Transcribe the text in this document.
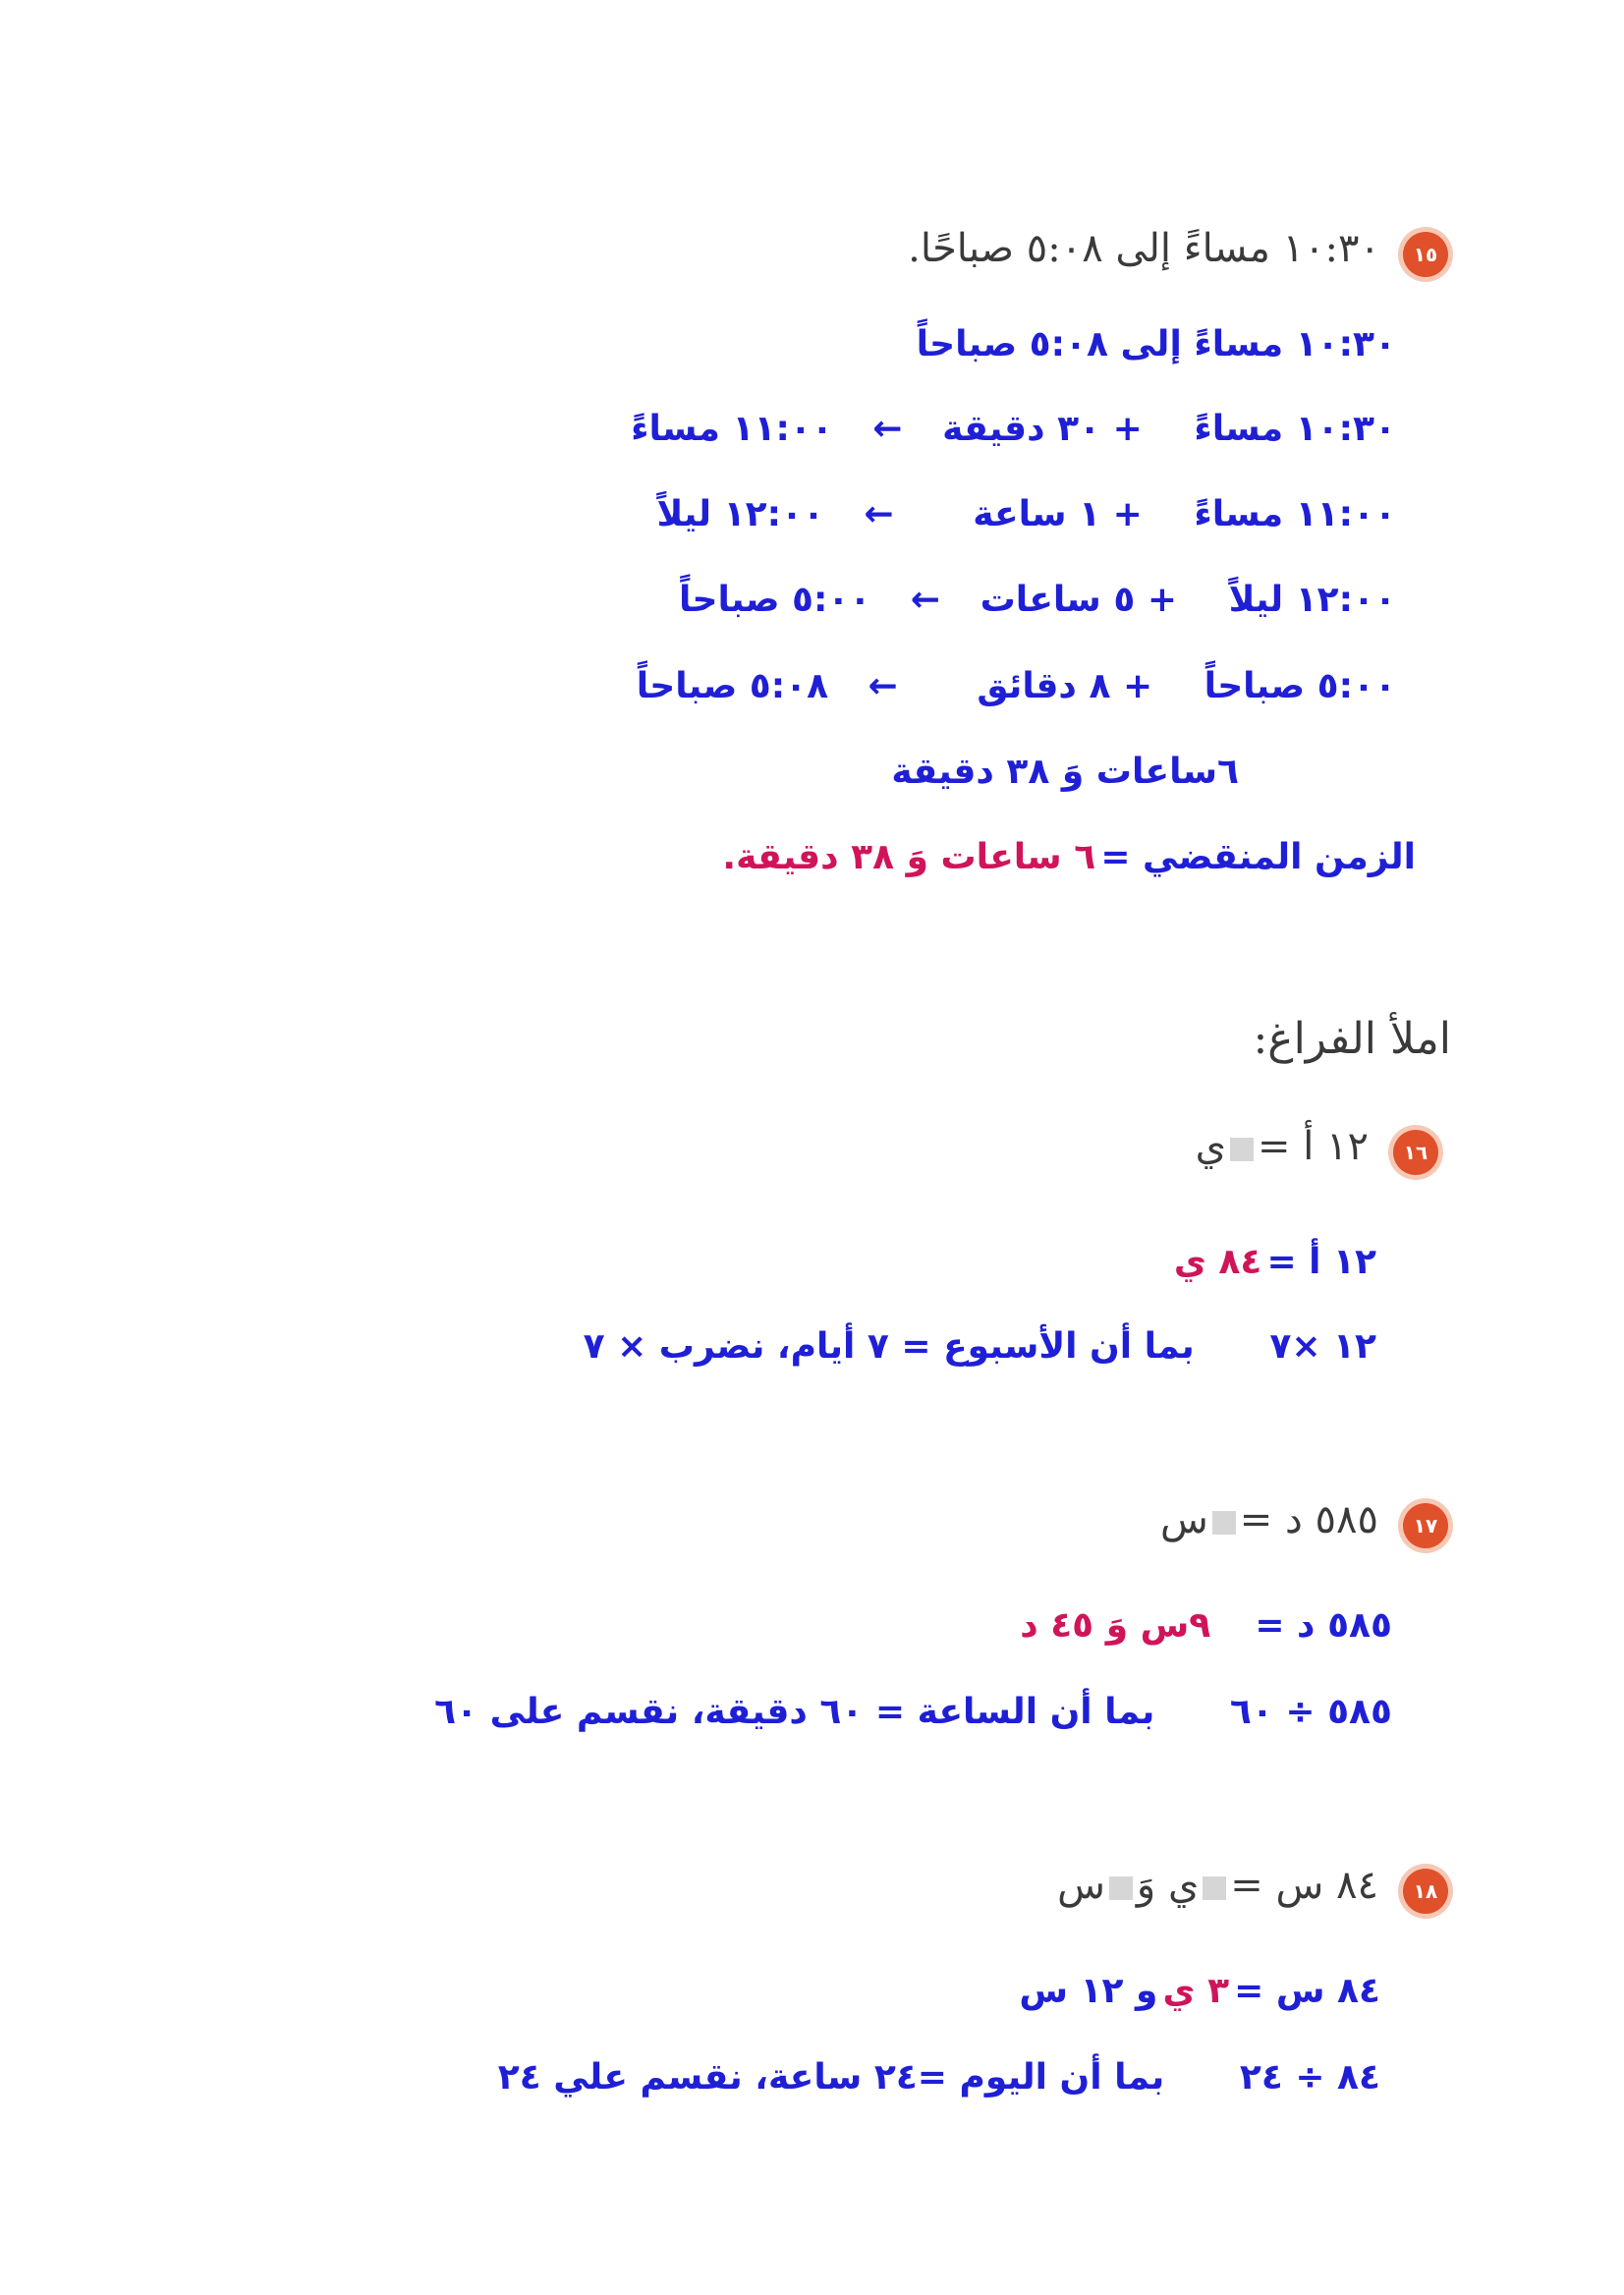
١٥
١٠:٣٠ مساءً إلى ٥:٠٨ صباحًا.
١٠:٣٠ مساءً إلى ٥:٠٨ صباحاً
١٠:٣٠ مساءً + ٣٠ دقيقة ← ١١:٠٠ مساءً
١١:٠٠ مساءً + ١ ساعة ← ١٢:٠٠ ليلاً
١٢:٠٠ ليلاً + ٥ ساعات ← ٥:٠٠ صباحاً
٥:٠٠ صباحاً + ٨ دقائق ← ٥:٠٨ صباحاً
٦ساعات وَ ٣٨ دقيقة
الزمن المنقضي = ٦ ساعات وَ ٣٨ دقيقة.
املأ الفراغ:
١٦
١٢ أ =ي
١٢ أ = ٨٤ ي
١٢ ×٧ بما أن الأسبوع = ٧ أيام، نضرب × ٧
١٧
٥٨٥ د =س
٥٨٥ د = ٩س وَ ٤٥ د
٥٨٥ ÷ ٦٠ بما أن الساعة = ٦٠ دقيقة، نقسم على ٦٠
١٨
٨٤ س =ي وَس
٨٤ س = ٣ ي و ١٢ س
٨٤ ÷ ٢٤ بما أن اليوم =٢٤ ساعة، نقسم علي ٢٤
